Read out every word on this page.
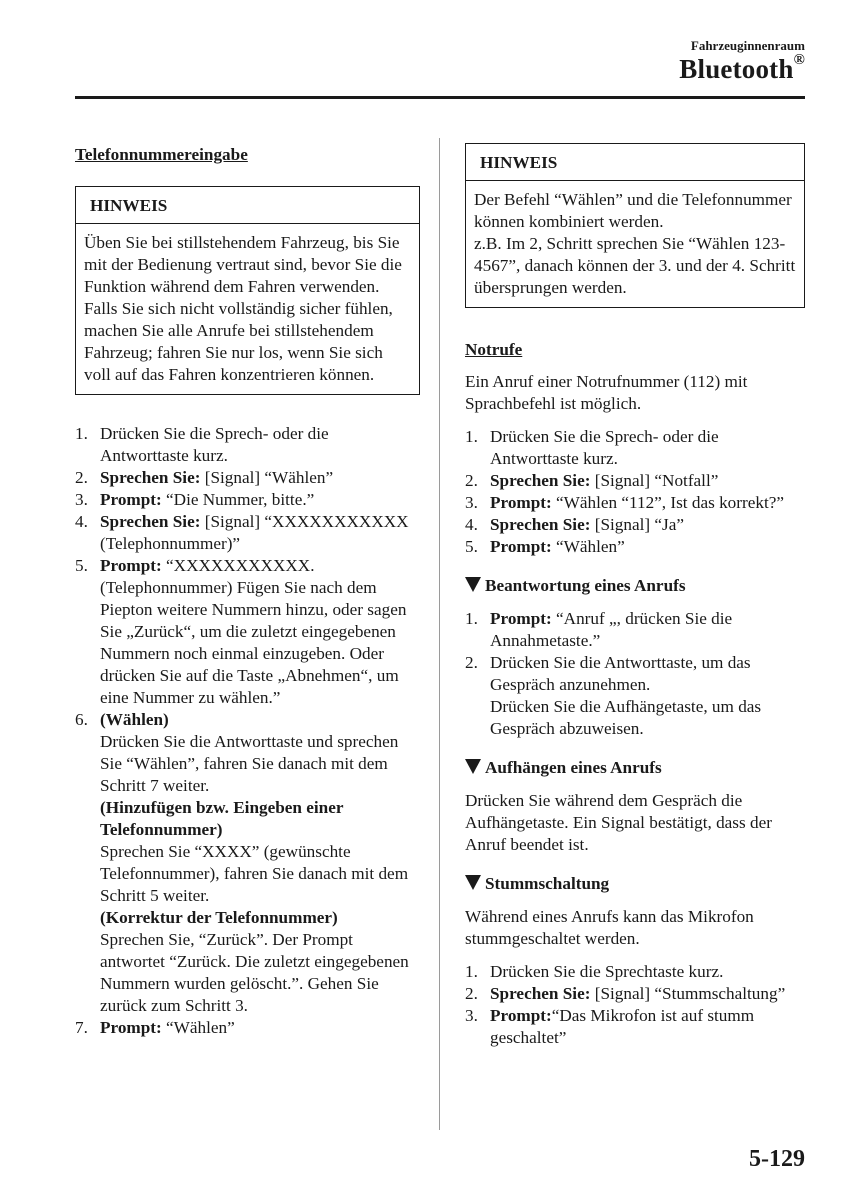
Fahrzeuginnenraum
Bluetooth®

Telefonnummereingabe

HINWEIS

Üben Sie bei stillstehendem Fahrzeug, bis Sie mit der Bedienung vertraut sind, bevor Sie die Funktion während dem Fahren verwenden. Falls Sie sich nicht vollständig sicher fühlen, machen Sie alle Anrufe bei stillstehendem Fahrzeug; fahren Sie nur los, wenn Sie sich voll auf das Fahren konzentrieren können.

1. Drücken Sie die Sprech- oder die Antworttaste kurz.
2. Sprechen Sie: [Signal] “Wählen”
3. Prompt: “Die Nummer, bitte.”
4. Sprechen Sie: [Signal] “XXXXXXXXXXX (Telephonnummer)”
5. Prompt: “XXXXXXXXXXX. (Telephonnummer) Fügen Sie nach dem Piepton weitere Nummern hinzu, oder sagen Sie „Zurück“, um die zuletzt eingegebenen Nummern noch einmal einzugeben. Oder drücken Sie auf die Taste „Abnehmen“, um eine Nummer zu wählen.”
6. (Wählen)
Drücken Sie die Antworttaste und sprechen Sie “Wählen”, fahren Sie danach mit dem Schritt 7 weiter.
(Hinzufügen bzw. Eingeben einer Telefonnummer)
Sprechen Sie “XXXX” (gewünschte Telefonnummer), fahren Sie danach mit dem Schritt 5 weiter.
(Korrektur der Telefonnummer)
Sprechen Sie, “Zurück”. Der Prompt antwortet “Zurück. Die zuletzt eingegebenen Nummern wurden gelöscht.”. Gehen Sie zurück zum Schritt 3.
7. Prompt: “Wählen”
HINWEIS

Der Befehl “Wählen” und die Telefonnummer können kombiniert werden.

z.B. Im 2, Schritt sprechen Sie “Wählen 123-4567”, danach können der 3. und der 4. Schritt übersprungen werden.

Notrufe

Ein Anruf einer Notrufnummer (112) mit Sprachbefehl ist möglich.

1. Drücken Sie die Sprech- oder die Antworttaste kurz.
2. Sprechen Sie: [Signal] “Notfall”
3. Prompt: “Wählen “112”, Ist das korrekt?”
4. Sprechen Sie: [Signal] “Ja”
5. Prompt: “Wählen”

Beantwortung eines Anrufs

1. Prompt: “Anruf „, drücken Sie die Annahmetaste.”
2. Drücken Sie die Antworttaste, um das Gespräch anzunehmen.
Drücken Sie die Aufhängetaste, um das Gespräch abzuweisen.

Aufhängen eines Anrufs

Drücken Sie während dem Gespräch die Aufhängetaste. Ein Signal bestätigt, dass der Anruf beendet ist.

Stummschaltung

Während eines Anrufs kann das Mikrofon stummgeschaltet werden.

1. Drücken Sie die Sprechtaste kurz.
2. Sprechen Sie: [Signal] “Stummschaltung”
3. Prompt:“Das Mikrofon ist auf stumm geschaltet”
5-129
